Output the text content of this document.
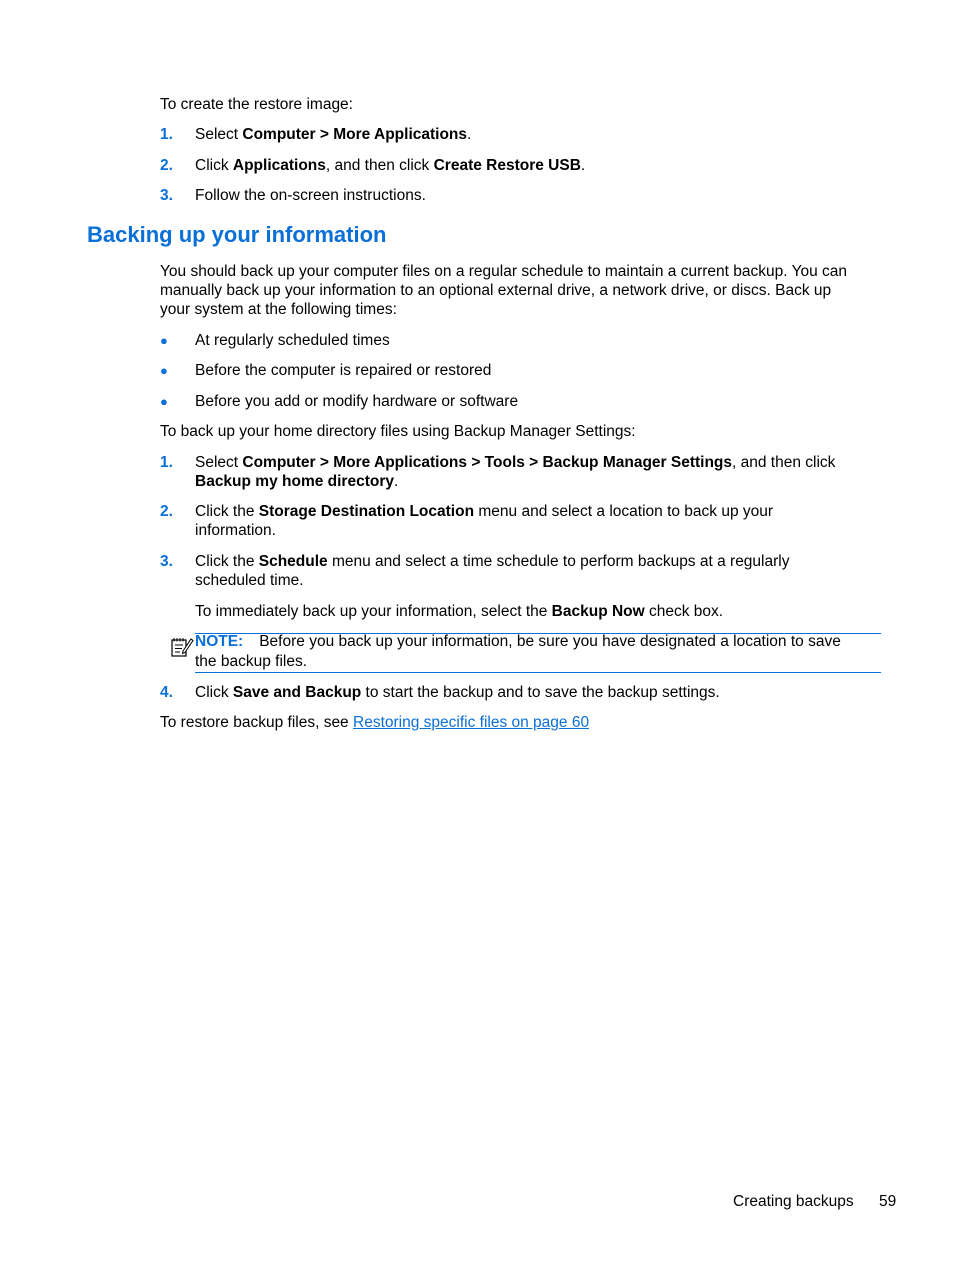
To create the restore image:
1. Select Computer > More Applications.
2. Click Applications, and then click Create Restore USB.
3. Follow the on-screen instructions.
Backing up your information
You should back up your computer files on a regular schedule to maintain a current backup. You can
manually back up your information to an optional external drive, a network drive, or discs. Back up
your system at the following times:
● At regularly scheduled times
● Before the computer is repaired or restored
● Before you add or modify hardware or software
To back up your home directory files using Backup Manager Settings:
1. Select Computer > More Applications > Tools > Backup Manager Settings, and then click
Backup my home directory.
2. Click the Storage Destination Location menu and select a location to back up your
information.
3. Click the Schedule menu and select a time schedule to perform backups at a regularly
scheduled time.
To immediately back up your information, select the Backup Now check box.
NOTE: Before you back up your information, be sure you have designated a location to save
the backup files.
4. Click Save and Backup to start the backup and to save the backup settings.
To restore backup files, see Restoring specific files on page 60
Creating backups 59
